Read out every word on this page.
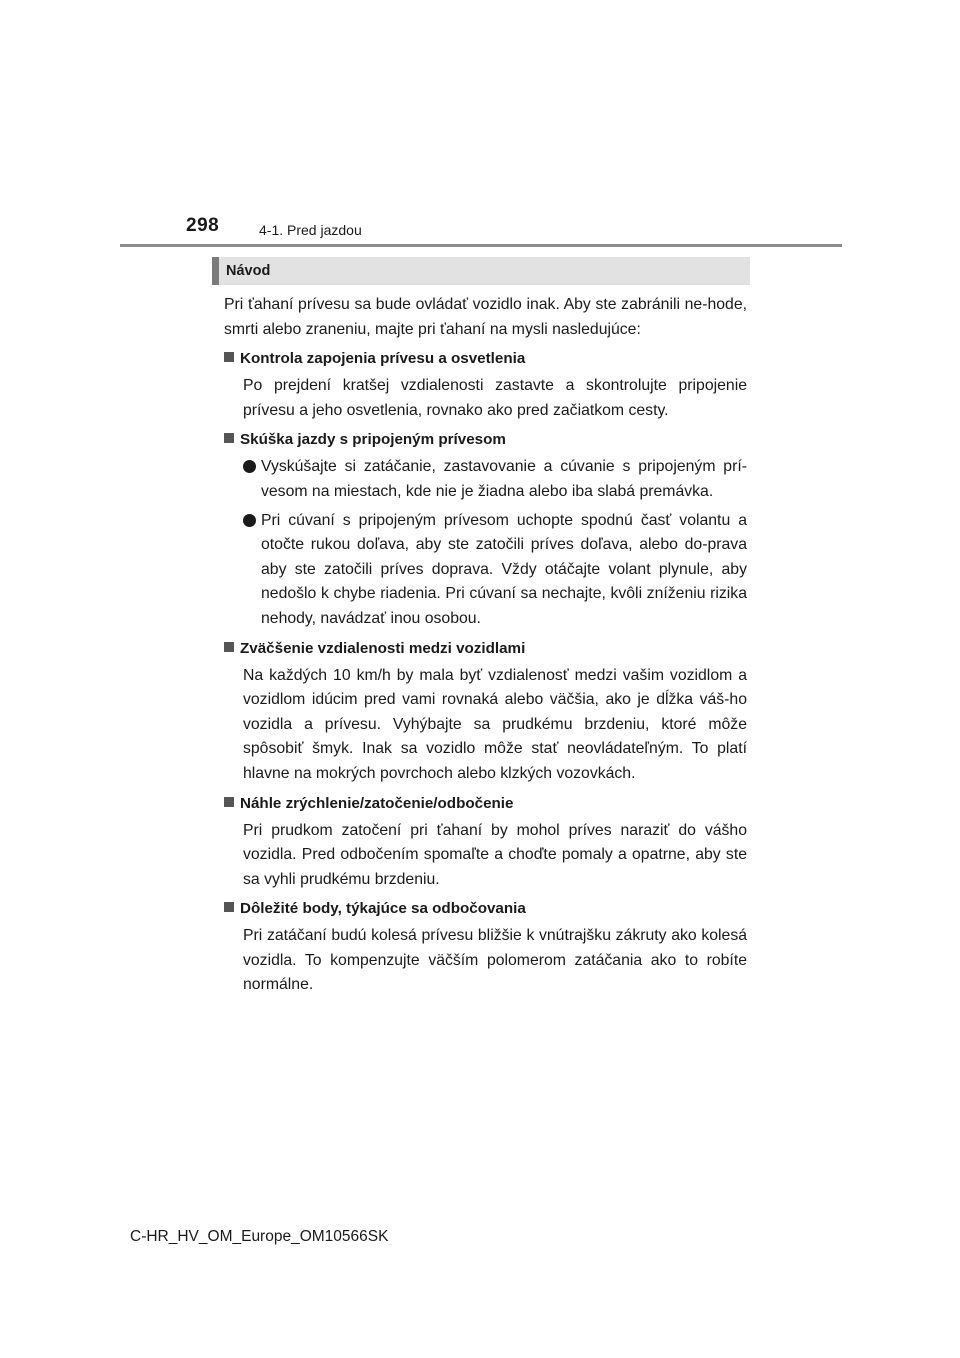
298	4-1. Pred jazdou
Návod

Pri ťahaní prívesu sa bude ovládať vozidlo inak. Aby ste zabránili ne-hode, smrti alebo zraneniu, majte pri ťahaní na mysli nasledujúce:

Kontrola zapojenia prívesu a osvetlenia

Po prejdení kratšej vzdialenosti zastavte a skontrolujte pripojenie prívesu a jeho osvetlenia, rovnako ako pred začiatkom cesty.

Skúška jazdy s pripojeným prívesom

Vyskúšajte si zatáčanie, zastavovanie a cúvanie s pripojeným prí-vesom na miestach, kde nie je žiadna alebo iba slabá premávka.

Pri cúvaní s pripojeným prívesom uchopte spodnú časť volantu a otočte rukou doľava, aby ste zatočili príves doľava, alebo do-prava aby ste zatočili príves doprava. Vždy otáčajte volant plynule, aby nedošlo k chybe riadenia. Pri cúvaní sa nechajte, kvôli zníženiu rizika nehody, navádzať inou osobou.

Zväčšenie vzdialenosti medzi vozidlami

Na každých 10 km/h by mala byť vzdialenosť medzi vašim vozidlom a vozidlom idúcim pred vami rovnaká alebo väčšia, ako je dĺžka váš-ho vozidla a prívesu. Vyhýbajte sa prudkému brzdeniu, ktoré môže spôsobiť šmyk. Inak sa vozidlo môže stať neovládateľným. To platí hlavne na mokrých povrchoch alebo klzkých vozovkách.

Náhle zrýchlenie/zatočenie/odbočenie

Pri prudkom zatočení pri ťahaní by mohol príves naraziť do vášho vozidla. Pred odbočením spomaľte a choďte pomaly a opatrne, aby ste sa vyhli prudkému brzdeniu.

Dôležité body, týkajúce sa odbočovania

Pri zatáčaní budú kolesá prívesu bližšie k vnútrajšku zákruty ako kolesá vozidla. To kompenzujte väčším polomerom zatáčania ako to robíte normálne.

C-HR_HV_OM_Europe_OM10566SK
